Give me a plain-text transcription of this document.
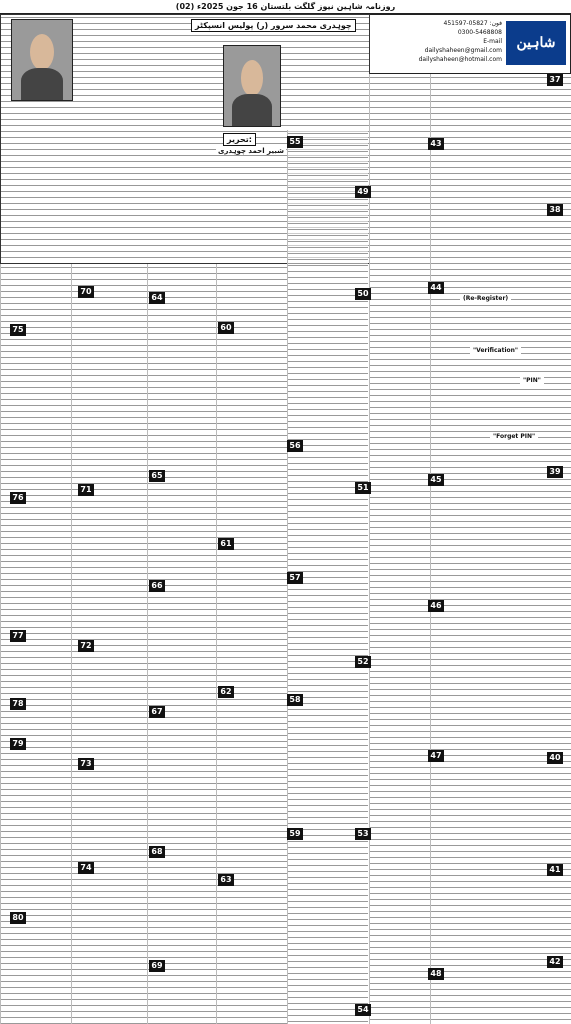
روزنامہ شاہین نیوز گلگت بلتستان 16 جون 2025ء (02)
شاہین
فون: 05827-451597
0300-5468808
E-mail
dailyshaheen@gmail.com
dailyshaheen@hotmail.com
چوہدری محمد سرور (ر) پولیس انسپکٹر
تحریر:
شبیر احمد چوہدری
37
38
39
40
41
42
43
44
45
46
47
48
49
50
51
52
53
54
55
56
57
58
59
60
61
62
63
64
65
66
67
68
69
70
71
72
73
74
75
76
77
78
79
80
(Re-Register)
"Verification"
"PIN"
"Forget PIN"
